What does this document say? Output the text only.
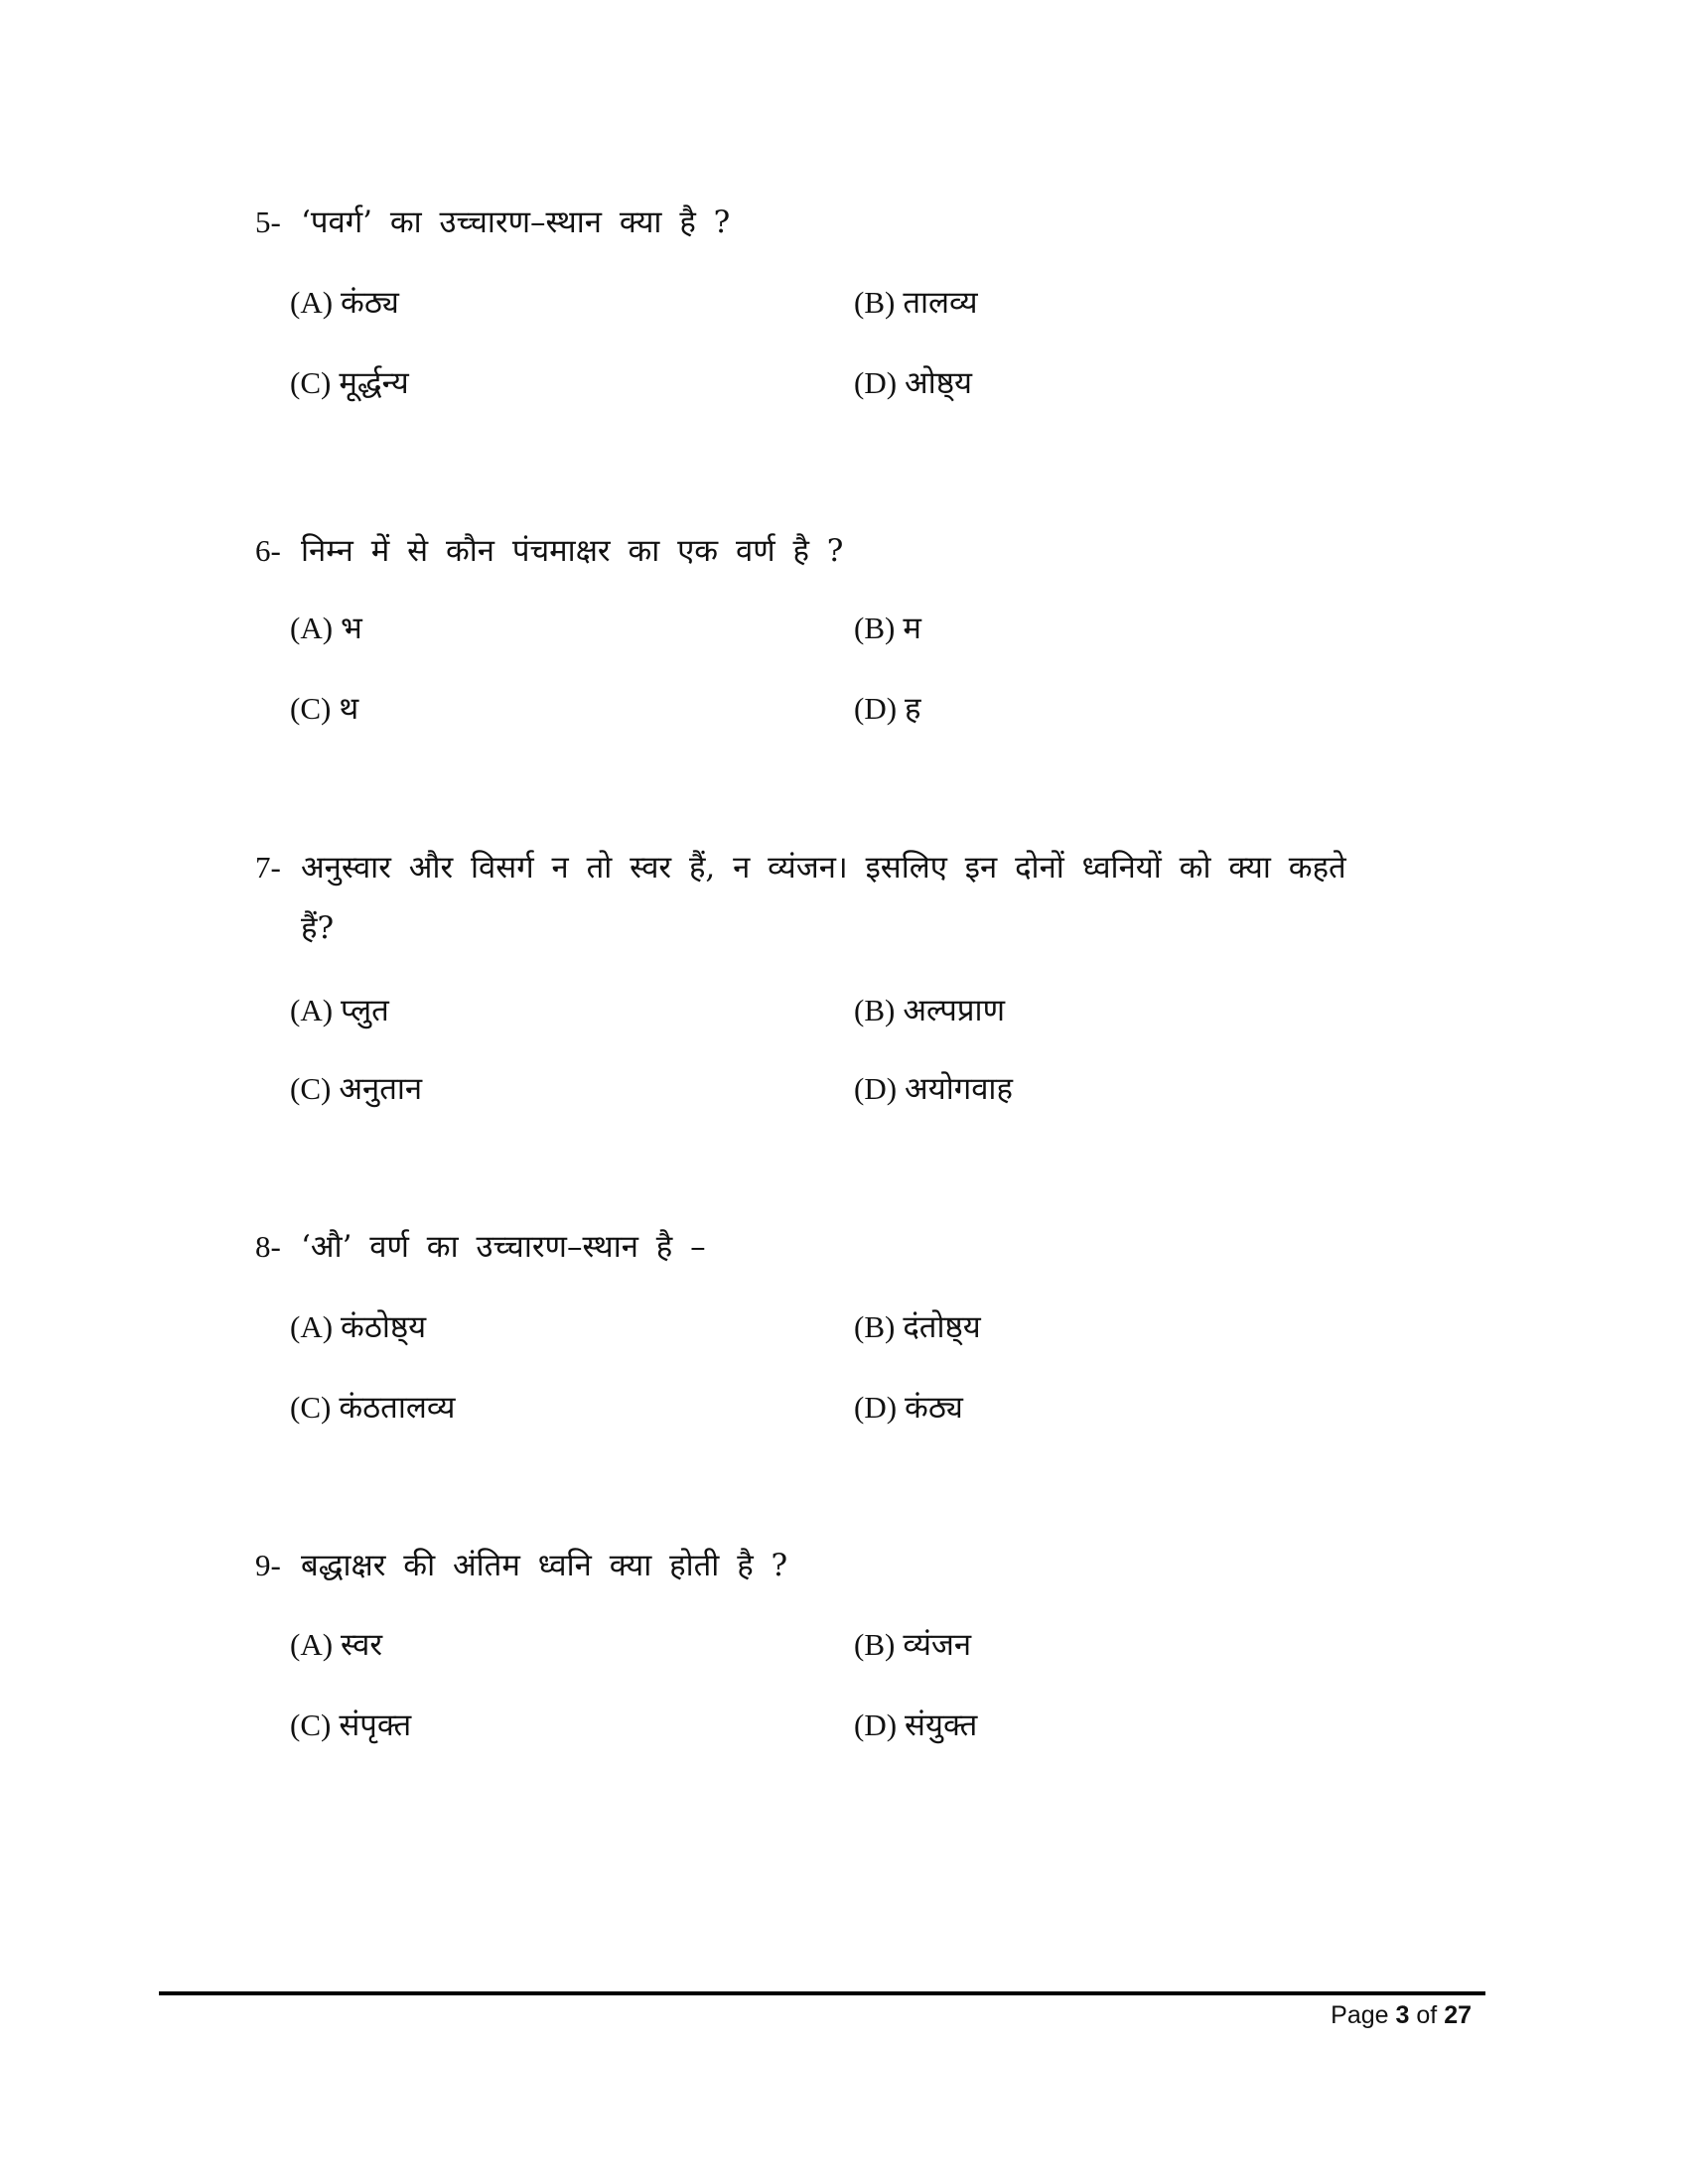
5- ‘पवर्ग’ का उच्चारण–स्थान क्या है ?
(A) कंठ्य	(B) तालव्य
(C) मूर्द्धन्य	(D) ओष्ठ्य
6- निम्न में से कौन पंचमाक्षर का एक वर्ण है ?
(A) भ	(B) म
(C) थ	(D) ह
7- अनुस्वार और विसर्ग न तो स्वर हैं, न व्यंजन। इसलिए इन दोनों ध्वनियों को क्या कहते
हैं?
(A) प्लुत	(B) अल्पप्राण
(C) अनुतान	(D) अयोगवाह
8- ‘औ’ वर्ण का उच्चारण–स्थान है –
(A) कंठोष्ठ्य	(B) दंतोष्ठ्य
(C) कंठतालव्य	(D) कंठ्य
9- बद्धाक्षर की अंतिम ध्वनि क्या होती है ?
(A) स्वर	(B) व्यंजन
(C) संपृक्त	(D) संयुक्त
Page 3 of 27
